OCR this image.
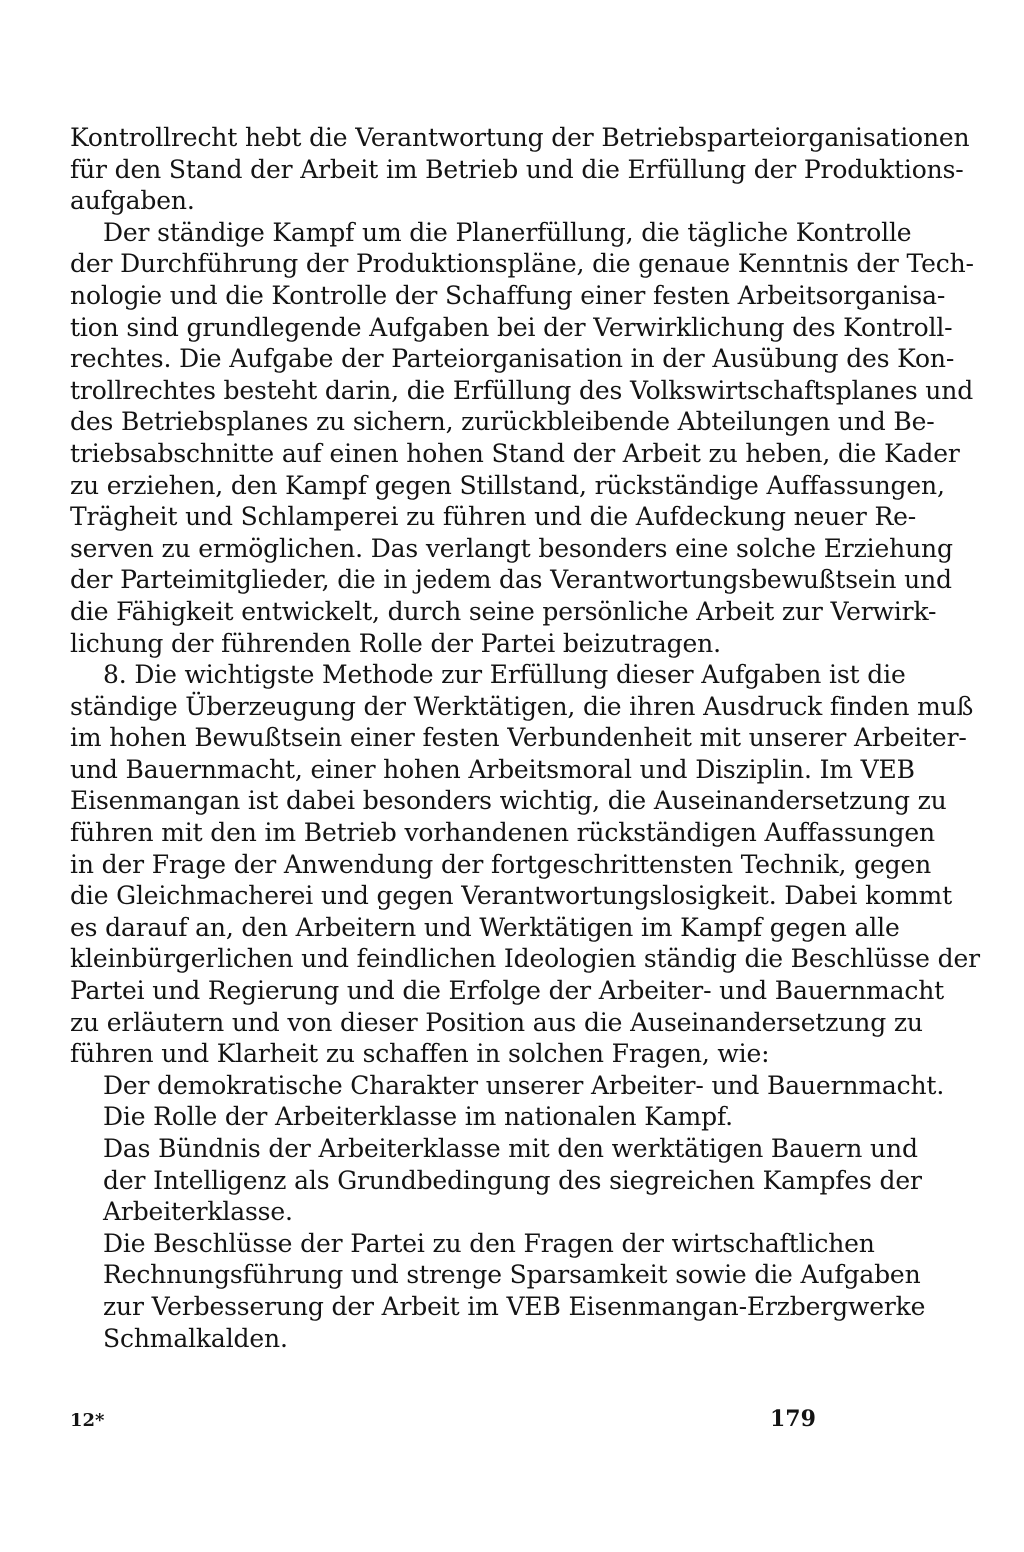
Kontrollrecht hebt die Verantwortung der Betriebsparteiorganisationen
für den Stand der Arbeit im Betrieb und die Erfüllung der Produktions-
aufgaben.
Der ständige Kampf um die Planerfüllung, die tägliche Kontrolle
der Durchführung der Produktionspläne, die genaue Kenntnis der Tech-
nologie und die Kontrolle der Schaffung einer festen Arbeitsorganisa-
tion sind grundlegende Aufgaben bei der Verwirklichung des Kontroll-
rechtes. Die Aufgabe der Parteiorganisation in der Ausübung des Kon-
trollrechtes besteht darin, die Erfüllung des Volkswirtschaftsplanes und
des Betriebsplanes zu sichern, zurückbleibende Abteilungen und Be-
triebsabschnitte auf einen hohen Stand der Arbeit zu heben, die Kader
zu erziehen, den Kampf gegen Stillstand, rückständige Auffassungen,
Trägheit und Schlamperei zu führen und die Aufdeckung neuer Re-
serven zu ermöglichen. Das verlangt besonders eine solche Erziehung
der Parteimitglieder, die in jedem das Verantwortungsbewußtsein und
die Fähigkeit entwickelt, durch seine persönliche Arbeit zur Verwirk-
lichung der führenden Rolle der Partei beizutragen.
8. Die wichtigste Methode zur Erfüllung dieser Aufgaben ist die
ständige Überzeugung der Werktätigen, die ihren Ausdruck finden muß
im hohen Bewußtsein einer festen Verbundenheit mit unserer Arbeiter-
und Bauernmacht, einer hohen Arbeitsmoral und Disziplin. Im VEB
Eisenmangan ist dabei besonders wichtig, die Auseinandersetzung zu
führen mit den im Betrieb vorhandenen rückständigen Auffassungen
in der Frage der Anwendung der fortgeschrittensten Technik, gegen
die Gleichmacherei und gegen Verantwortungslosigkeit. Dabei kommt
es darauf an, den Arbeitern und Werktätigen im Kampf gegen alle
kleinbürgerlichen und feindlichen Ideologien ständig die Beschlüsse der
Partei und Regierung und die Erfolge der Arbeiter- und Bauernmacht
zu erläutern und von dieser Position aus die Auseinandersetzung zu
führen und Klarheit zu schaffen in solchen Fragen, wie:
Der demokratische Charakter unserer Arbeiter- und Bauernmacht.
Die Rolle der Arbeiterklasse im nationalen Kampf.
Das Bündnis der Arbeiterklasse mit den werktätigen Bauern und
der Intelligenz als Grundbedingung des siegreichen Kampfes der
Arbeiterklasse.
Die Beschlüsse der Partei zu den Fragen der wirtschaftlichen
Rechnungsführung und strenge Sparsamkeit sowie die Aufgaben
zur Verbesserung der Arbeit im VEB Eisenmangan-Erzbergwerke
Schmalkalden.
12*	179
